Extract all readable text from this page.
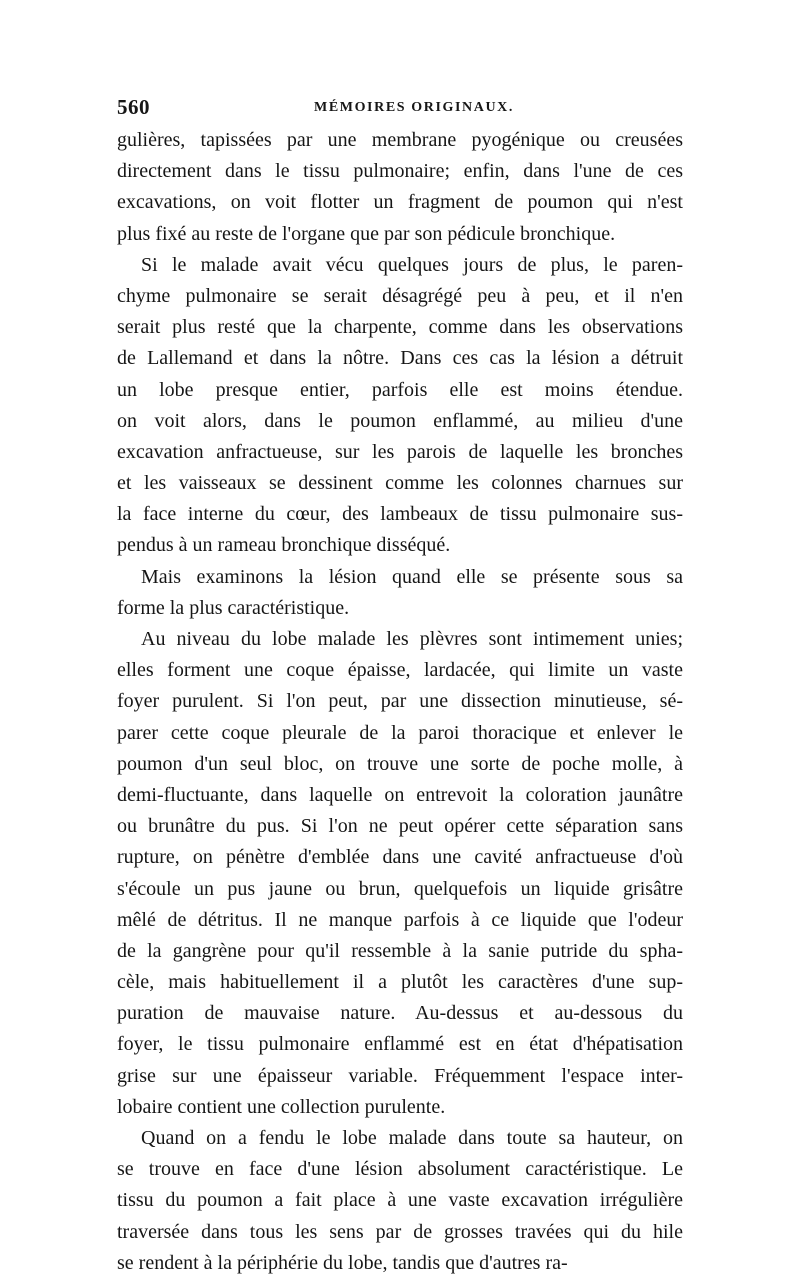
560	MÉMOIRES ORIGINAUX.
gulières, tapissées par une membrane pyogénique ou creusées
directement dans le tissu pulmonaire; enfin, dans l'une de ces
excavations, on voit flotter un fragment de poumon qui n'est
plus fixé au reste de l'organe que par son pédicule bronchique.
Si le malade avait vécu quelques jours de plus, le paren-
chyme pulmonaire se serait désagrégé peu à peu, et il n'en
serait plus resté que la charpente, comme dans les observations
de Lallemand et dans la nôtre. Dans ces cas la lésion a détruit
un lobe presque entier, parfois elle est moins étendue.
on voit alors, dans le poumon enflammé, au milieu d'une
excavation anfractueuse, sur les parois de laquelle les bronches
et les vaisseaux se dessinent comme les colonnes charnues sur
la face interne du cœur, des lambeaux de tissu pulmonaire sus-
pendus à un rameau bronchique disséqué.
Mais examinons la lésion quand elle se présente sous sa
forme la plus caractéristique.
Au niveau du lobe malade les plèvres sont intimement unies;
elles forment une coque épaisse, lardacée, qui limite un vaste
foyer purulent. Si l'on peut, par une dissection minutieuse, sé-
parer cette coque pleurale de la paroi thoracique et enlever le
poumon d'un seul bloc, on trouve une sorte de poche molle, à
demi-fluctuante, dans laquelle on entrevoit la coloration jaunâtre
ou brunâtre du pus. Si l'on ne peut opérer cette séparation sans
rupture, on pénètre d'emblée dans une cavité anfractueuse d'où
s'écoule un pus jaune ou brun, quelquefois un liquide grisâtre
mêlé de détritus. Il ne manque parfois à ce liquide que l'odeur
de la gangrène pour qu'il ressemble à la sanie putride du spha-
cèle, mais habituellement il a plutôt les caractères d'une sup-
puration de mauvaise nature. Au-dessus et au-dessous du
foyer, le tissu pulmonaire enflammé est en état d'hépatisation
grise sur une épaisseur variable. Fréquemment l'espace inter-
lobaire contient une collection purulente.
Quand on a fendu le lobe malade dans toute sa hauteur, on
se trouve en face d'une lésion absolument caractéristique. Le
tissu du poumon a fait place à une vaste excavation irrégulière
traversée dans tous les sens par de grosses travées qui du hile
se rendent à la périphérie du lobe, tandis que d'autres ra-
